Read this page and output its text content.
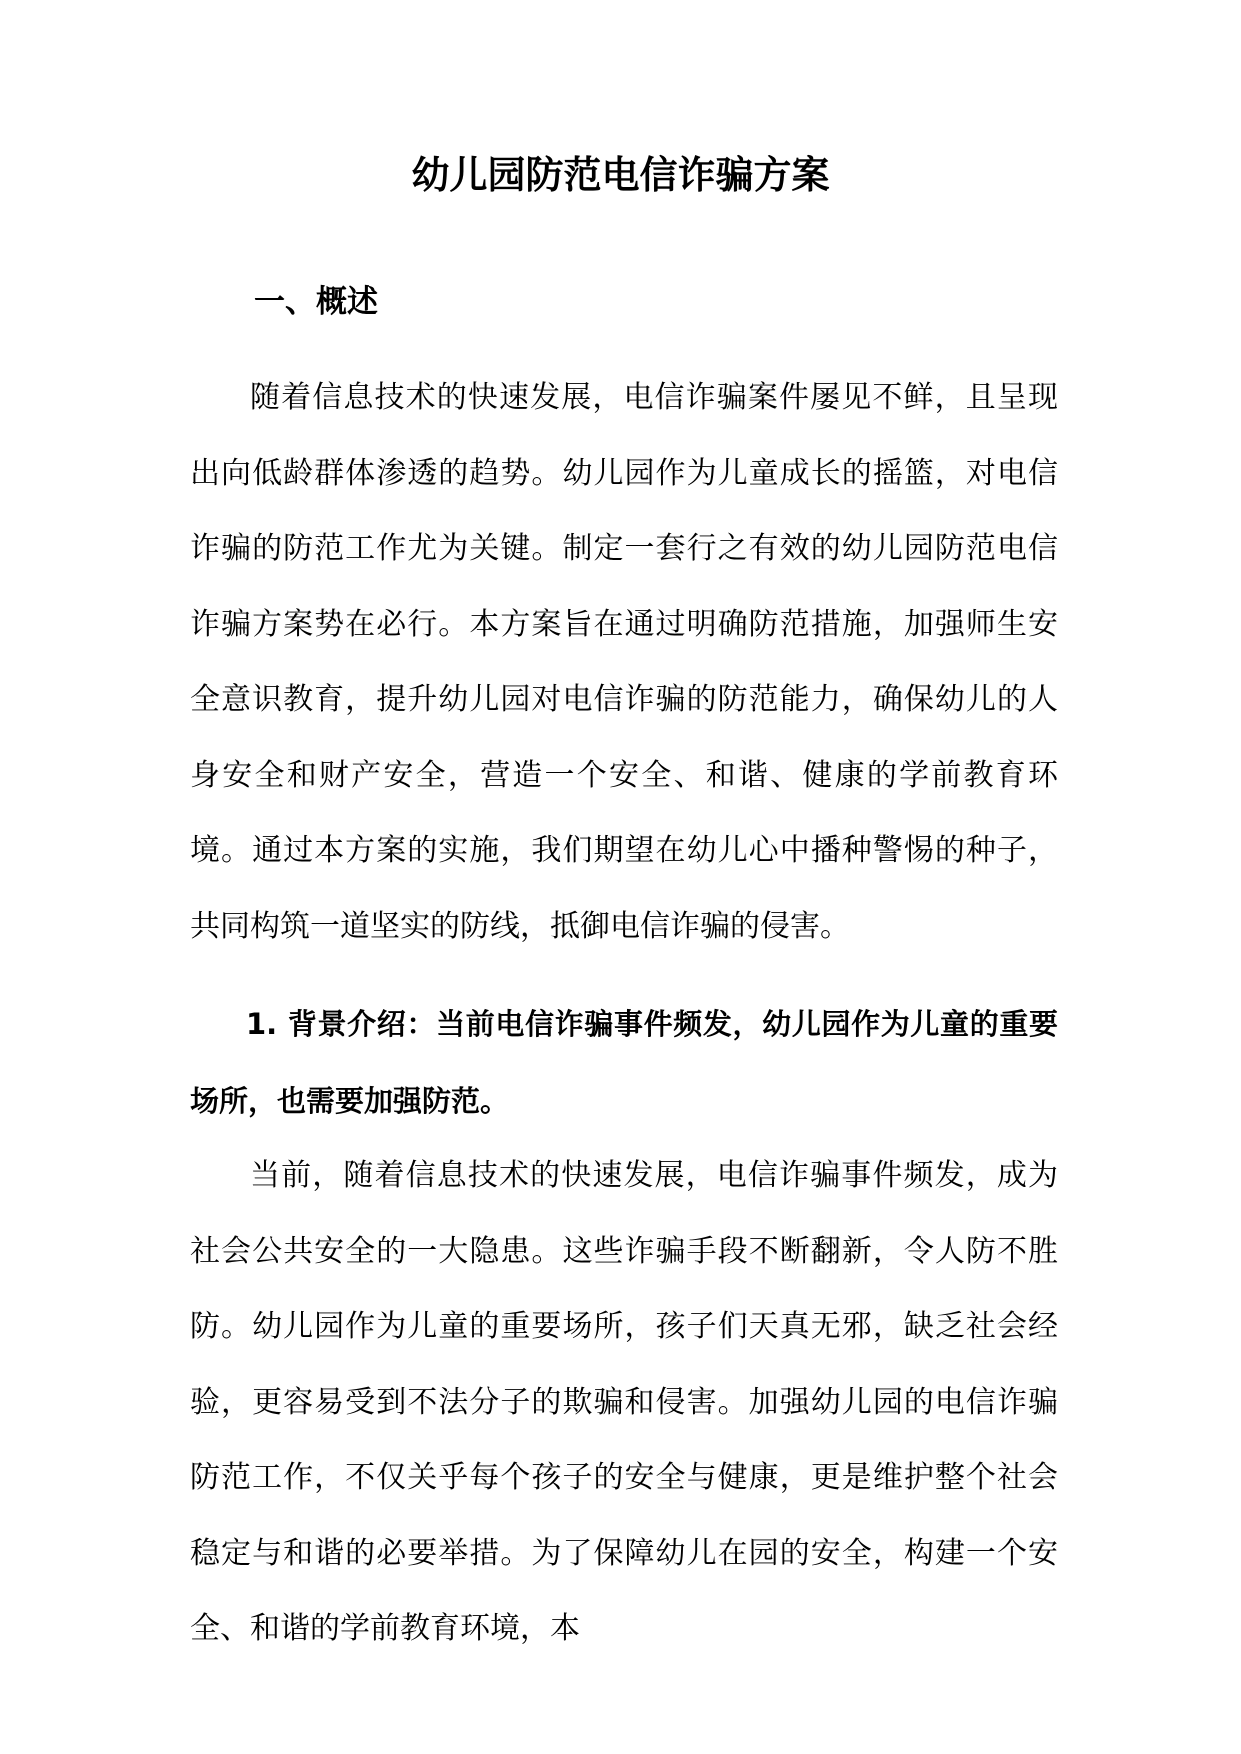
幼儿园防范电信诈骗方案
一、概述

随着信息技术的快速发展，电信诈骗案件屡见不鲜，且呈现出向低龄群体渗透的趋势。幼儿园作为儿童成长的摇篮，对电信诈骗的防范工作尤为关键。制定一套行之有效的幼儿园防范电信诈骗方案势在必行。本方案旨在通过明确防范措施，加强师生安全意识教育，提升幼儿园对电信诈骗的防范能力，确保幼儿的人身安全和财产安全，营造一个安全、和谐、健康的学前教育环境。通过本方案的实施，我们期望在幼儿心中播种警惕的种子，共同构筑一道坚实的防线，抵御电信诈骗的侵害。

1. 背景介绍：当前电信诈骗事件频发，幼儿园作为儿童的重要场所，也需要加强防范。

当前，随着信息技术的快速发展，电信诈骗事件频发，成为社会公共安全的一大隐患。这些诈骗手段不断翻新，令人防不胜防。幼儿园作为儿童的重要场所，孩子们天真无邪，缺乏社会经验，更容易受到不法分子的欺骗和侵害。加强幼儿园的电信诈骗防范工作，不仅关乎每个孩子的安全与健康，更是维护整个社会稳定与和谐的必要举措。为了保障幼儿在园的安全，构建一个安全、和谐的学前教育环境，本
